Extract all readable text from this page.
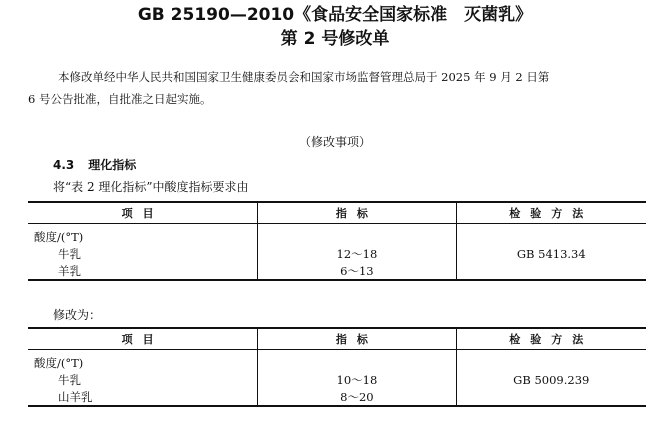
GB 25190—2010《食品安全国家标准　灭菌乳》
第 2 号修改单
本修改单经中华人民共和国国家卫生健康委员会和国家市场监督管理总局于 2025 年 9 月 2 日第
6 号公告批准，自批准之日起实施。
（修改事项）
4.3 理化指标
将“表 2 理化指标”中酸度指标要求由
项目	指标	检验方法
酸度/(°T)		
牛乳	12～18	GB 5413.34
羊乳	6～13	
修改为：
项目	指标	检验方法
酸度/(°T)		
牛乳	10～18	GB 5009.239
山羊乳	8～20	
